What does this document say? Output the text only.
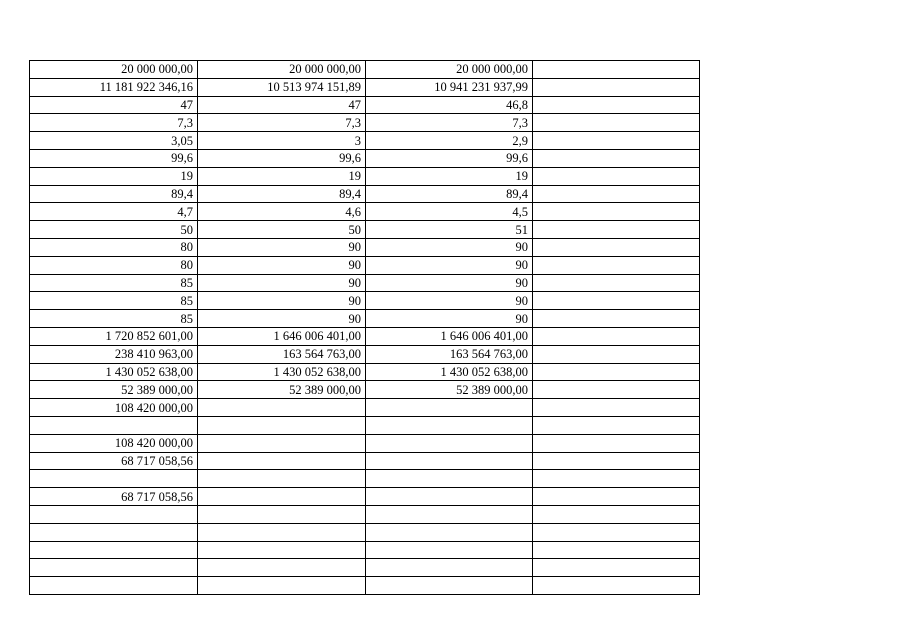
20 000 000,00	20 000 000,00	20 000 000,00	
11 181 922 346,16	10 513 974 151,89	10 941 231 937,99	
47	47	46,8	
7,3	7,3	7,3	
3,05	3	2,9	
99,6	99,6	99,6	
19	19	19	
89,4	89,4	89,4	
4,7	4,6	4,5	
50	50	51	
80	90	90	
80	90	90	
85	90	90	
85	90	90	
85	90	90	
1 720 852 601,00	1 646 006 401,00	1 646 006 401,00	
238 410 963,00	163 564 763,00	163 564 763,00	
1 430 052 638,00	1 430 052 638,00	1 430 052 638,00	
52 389 000,00	52 389 000,00	52 389 000,00	
108 420 000,00			

108 420 000,00			
68 717 058,56			

68 717 058,56			
